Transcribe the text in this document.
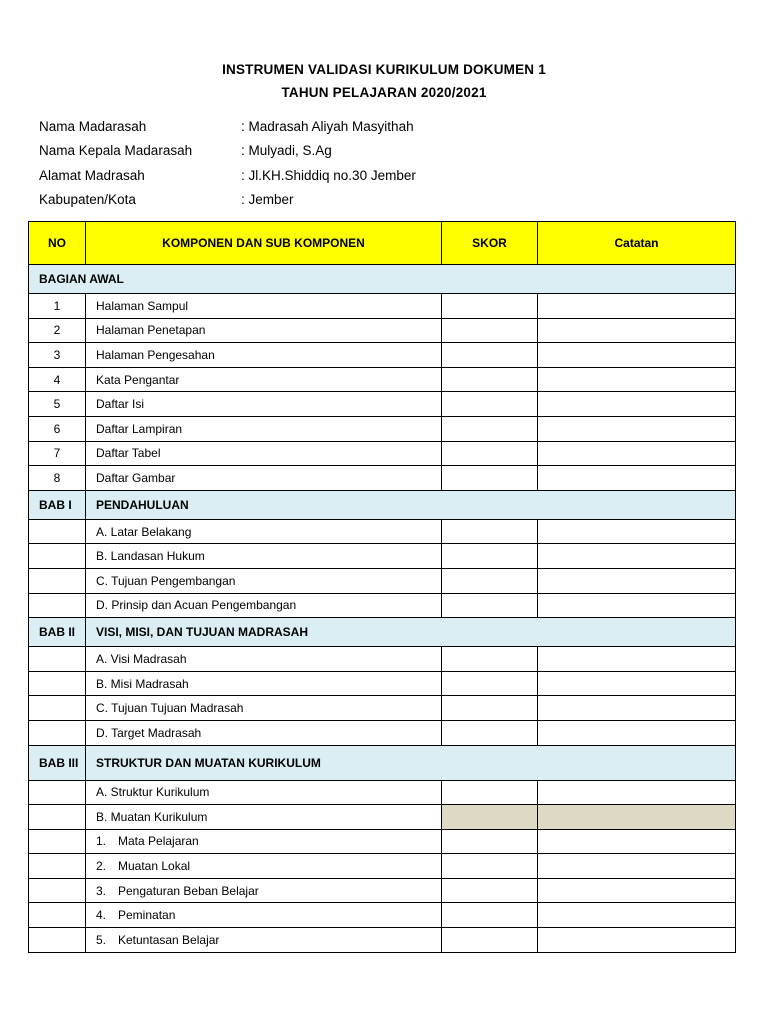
INSTRUMEN VALIDASI KURIKULUM DOKUMEN 1
TAHUN PELAJARAN 2020/2021
Nama Madarasah	: Madrasah Aliyah Masyithah
Nama Kepala Madarasah	: Mulyadi, S.Ag
Alamat Madrasah	: Jl.KH.Shiddiq no.30 Jember
Kabupaten/Kota	: Jember
NO	KOMPONEN DAN SUB KOMPONEN	SKOR	Catatan
BAGIAN AWAL			
1	Halaman Sampul		
2	Halaman Penetapan		
3	Halaman Pengesahan		
4	Kata Pengantar		
5	Daftar Isi		
6	Daftar Lampiran		
7	Daftar Tabel		
8	Daftar Gambar		
BAB I	PENDAHULUAN		
	A. Latar Belakang		
	B. Landasan Hukum		
	C. Tujuan Pengembangan		
	D. Prinsip dan Acuan Pengembangan		
BAB II	VISI, MISI, DAN TUJUAN MADRASAH		
	A. Visi Madrasah		
	B. Misi Madrasah		
	C. Tujuan Tujuan Madrasah		
	D. Target Madrasah		
BAB III	STRUKTUR DAN MUATAN KURIKULUM		
	A. Struktur Kurikulum		
	B. Muatan Kurikulum		
	1. Mata Pelajaran		
	2. Muatan Lokal		
	3. Pengaturan Beban Belajar		
	4. Peminatan		
	5. Ketuntasan Belajar		
